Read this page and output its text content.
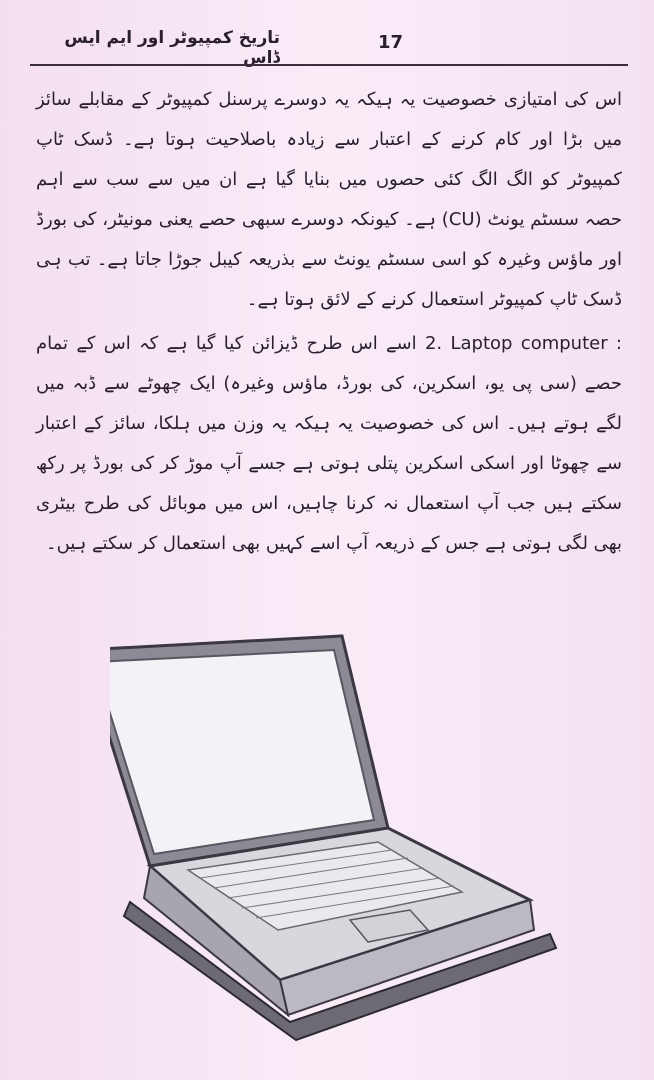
تاریخ کمپیوٹر اور ایم ایس ڈاس
17

اس کی امتیازی خصوصیت یہ ہیکہ یہ دوسرے پرسنل کمپیوٹر کے مقابلے سائز میں بڑا اور کام کرنے کے اعتبار سے زیادہ باصلاحیت ہوتا ہے۔ ڈسک ٹاپ کمپیوٹر کو الگ الگ کئی حصوں میں بنایا گیا ہے ان میں سے سب سے اہم حصہ سسٹم یونٹ (CU) ہے۔ کیونکہ دوسرے سبھی حصے یعنی مونیٹر، کی بورڈ اور ماؤس وغیرہ کو اسی سسٹم یونٹ سے بذریعہ کیبل جوڑا جاتا ہے۔ تب ہی ڈسک ٹاپ کمپیوٹر استعمال کرنے کے لائق ہوتا ہے۔

2. Laptop computer : اسے اس طرح ڈیزائن کیا گیا ہے کہ اس کے تمام حصے (سی پی یو، اسکرین، کی بورڈ، ماؤس وغیرہ) ایک چھوٹے سے ڈبہ میں لگے ہوتے ہیں۔ اس کی خصوصیت یہ ہیکہ یہ وزن میں ہلکا، سائز کے اعتبار سے چھوٹا اور اسکی اسکرین پتلی ہوتی ہے جسے آپ موڑ کر کی بورڈ پر رکھ سکتے ہیں جب آپ استعمال نہ کرنا چاہیں، اس میں موبائل کی طرح بیٹری بھی لگی ہوتی ہے جس کے ذریعہ آپ اسے کہیں بھی استعمال کر سکتے ہیں۔
